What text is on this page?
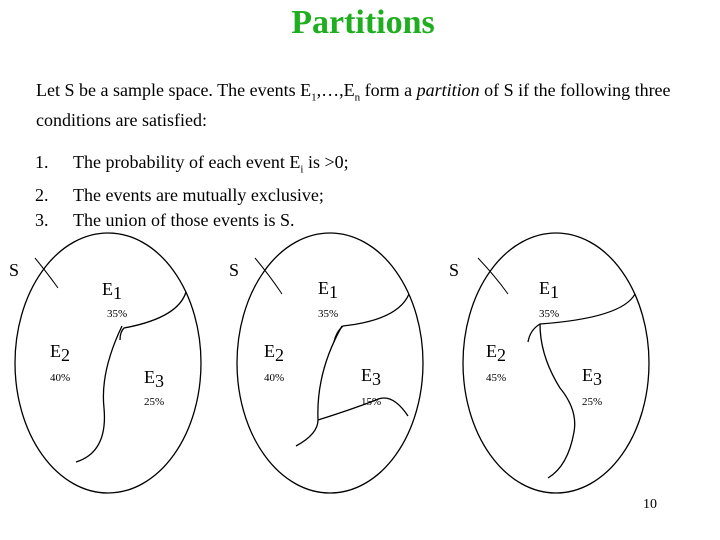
Partitions
Let S be a sample space. The events $E_1,\dots,E_n$ form a partition of S if the following three conditions are satisfied:
1.	The probability of each event $E_i$ is >0;
2.	The events are mutually exclusive;
3.	The union of those events is S.
S
E1
35%
E2
40%	E3
25%
S
E1
35%
E2
40%	E3
15%
S
E1
35%
E2
45%	E3
25%
10
